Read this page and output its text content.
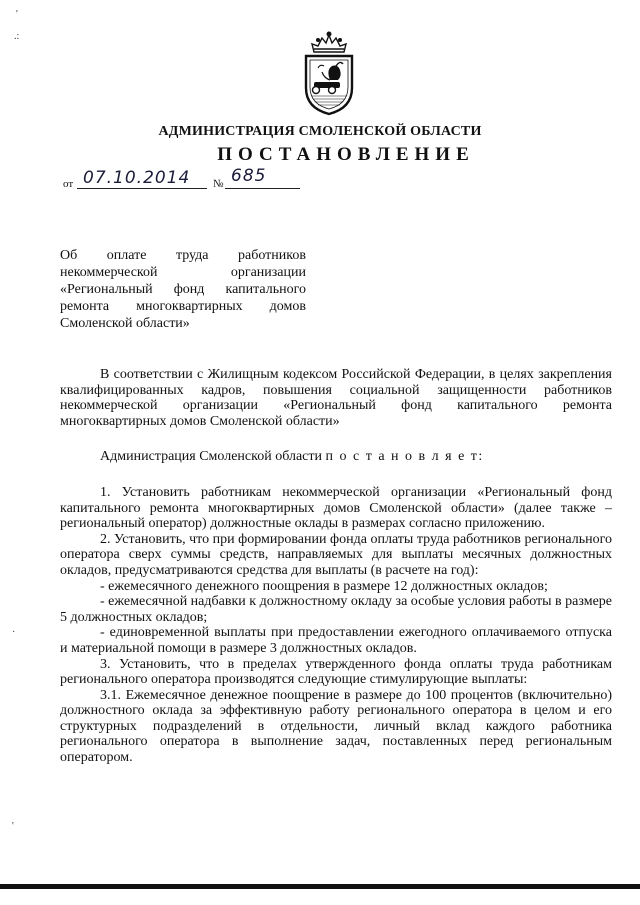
'
.:
·
'
АДМИНИСТРАЦИЯ СМОЛЕНСКОЙ ОБЛАСТИ
ПОСТАНОВЛЕНИЕ
от 07.10.2014 № 685
Об оплате труда работников некоммерческой организации «Региональный фонд капитального ремонта многоквартирных домов Смоленской области»

В соответствии с Жилищным кодексом Российской Федерации, в целях закрепления квалифицированных кадров, повышения социальной защищенности работников некоммерческой организации «Региональный фонд капитального ремонта многоквартирных домов Смоленской области»

Администрация Смоленской области п о с т а н о в л я е т:

1. Установить работникам некоммерческой организации «Региональный фонд капитального ремонта многоквартирных домов Смоленской области» (далее также – региональный оператор) должностные оклады в размерах согласно приложению.

2. Установить, что при формировании фонда оплаты труда работников регионального оператора сверх суммы средств, направляемых для выплаты месячных должностных окладов, предусматриваются средства для выплаты (в расчете на год):

- ежемесячного денежного поощрения в размере 12 должностных окладов;

- ежемесячной надбавки к должностному окладу за особые условия работы в размере 5 должностных окладов;

- единовременной выплаты при предоставлении ежегодного оплачиваемого отпуска и материальной помощи в размере 3 должностных окладов.

3. Установить, что в пределах утвержденного фонда оплаты труда работникам регионального оператора производятся следующие стимулирующие выплаты:

3.1. Ежемесячное денежное поощрение в размере до 100 процентов (включительно) должностного оклада за эффективную работу регионального оператора в целом и его структурных подразделений в отдельности, личный вклад каждого работника регионального оператора в выполнение задач, поставленных перед региональным оператором.
